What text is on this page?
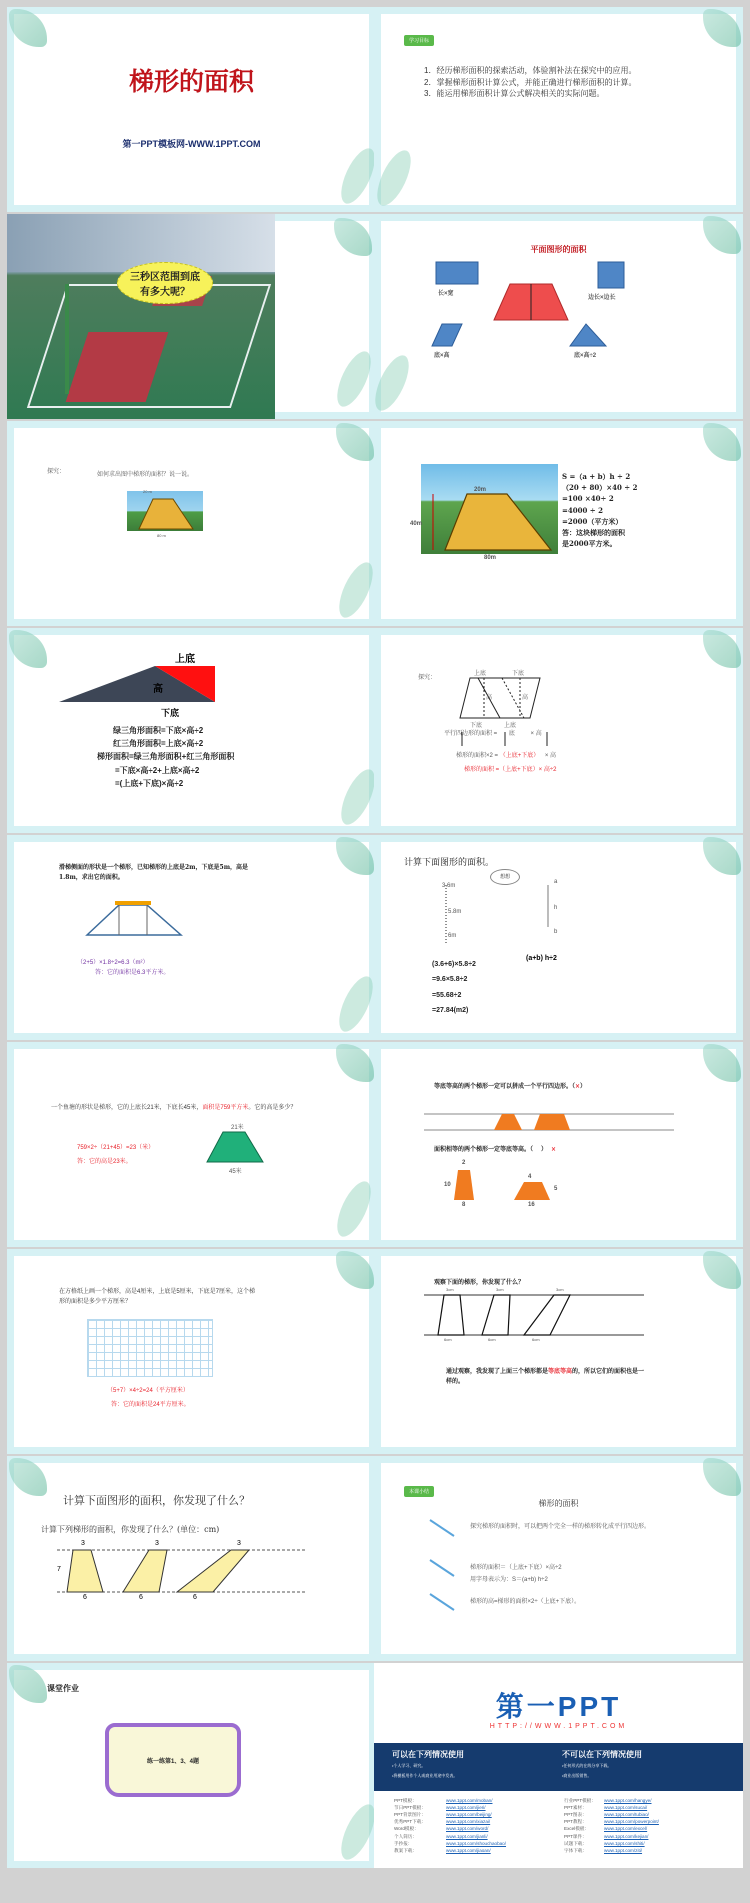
梯形的面积
第一PPT模板网-WWW.1PPT.COM
学习目标
1．经历梯形面积的探索活动，体验割补法在探究中的应用。
2．掌握梯形面积计算公式，并能正确进行梯形面积的计算。
3．能运用梯形面积计算公式解决相关的实际问题。
三秒区范围到底有多大呢？
平面图形的面积
长×宽
边长×边长
底×高	底×高÷2
探究：	如何求出图中梯形的面积？说一说。
20 m
80 m
20m
40m
80m
S =（a + b）h ÷ 2
（20 + 80）×40 ÷ 2
=100 ×40÷ 2
=4000 ÷ 2
=2000（平方米）
答：这块梯形的面积
是2000平方米。
上底
高
下底
绿三角形面积=下底×高÷2
红三角形面积=上底×高÷2
梯形面积=绿三角形面积+红三角形面积
=下底×高÷2+上底×高÷2
=(上底+下底)×高÷2
探究：
上底	下底
高	高
下底	上底
平行四边形的面积 = 底	× 高
梯形的面积×2 = （上底+下底） × 高
梯形的面积 =（上底+下底）× 高÷2
滑梯侧面的形状是一个梯形，已知梯形的上底是2m，下底是5m，高是1.8m，求出它的面积。
（2+5）×1.8÷2=6.3（m²）
答：它的面积是6.3平方米。
计算下面图形的面积。
想想
3.6m
5.8m
6m
a
h
b
(a+b) h÷2
(3.6+6)×5.8÷2
=9.6×5.8÷2
=55.68÷2
=27.84(m2)
一个鱼塘的形状是梯形，它的上底长21米，下底长45米，面积是759平方米。它的高是多少？
21米
45米
759×2÷（21+45）=23（米）
答：它的高是23米。
等底等高的两个梯形一定可以拼成一个平行四边形。（×）
面积相等的两个梯形一定等底等高。（ ） ×
2
10
8
4
5
16
在方格纸上画一个梯形，高是4厘米，上底是5厘米，下底是7厘米，这个梯形的面积是多少平方厘米？
（5+7）×4÷2=24（平方厘米）
答：它的面积是24平方厘米。
观察下面的梯形，你发现了什么？
3cm	3cm	3cm
6cm	6cm	6cm
通过观察，我发现了上面三个梯形都是等底等高的，所以它们的面积也是一样的。
计算下面图形的面积，你发现了什么？
计算下列梯形的面积，你发现了什么？(单位：cm)
3	3	3
7
6	6	6
本课小结
梯形的面积
探究梯形的面积时，可以把两个完全一样的梯形转化成平行四边形。
梯形的面积＝（上底+下底）×高÷2
用字母表示为：S＝(a+b) h÷2
梯形的高=梯形的面积×2÷（上底+下底）。
课堂作业
练一练第1、3、4题
第一PPT
HTTP://WWW.1PPT.COM
可以在下列情况使用
•个人学习、研究。
•将模板用作个人或商业用途中发表。
不可以在下列情况使用
•任何形式的在线分享下载。
•商业出版销售。
PPT模板：	www.1ppt.com/moban/
节日PPT模板：	www.1ppt.com/jieri/
PPT背景图片：	www.1ppt.com/beijing/
优秀PPT下载：	www.1ppt.com/xiazai/
Word模板：	www.1ppt.com/word/
个人简历：	www.1ppt.com/jianli/
手抄报：	www.1ppt.com/shouchaobao/
教案下载：	www.1ppt.com/jiaoan/
行业PPT模板： www.1ppt.com/hangye/
PPT素材：	www.1ppt.com/sucai/
PPT图表：	www.1ppt.com/tubiao/
PPT教程：	www.1ppt.com/powerpoint/
Excel模板：	www.1ppt.com/excel/
PPT课件：	www.1ppt.com/kejian/
试题下载：	www.1ppt.com/shiti/
字体下载：	www.1ppt.com/ziti/
